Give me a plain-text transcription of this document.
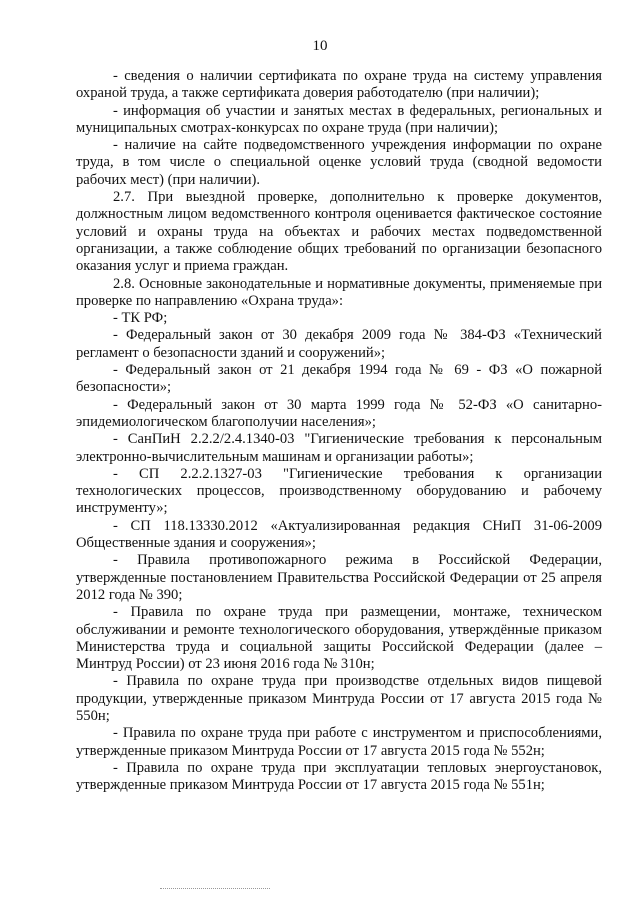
10

- сведения о наличии сертификата по охране труда на систему управления охраной труда, а также сертификата доверия работодателю (при наличии);

- информация об участии и занятых местах в федеральных, региональных и муниципальных смотрах-конкурсах по охране труда (при наличии);

- наличие на сайте подведомственного учреждения информации по охране труда, в том числе о специальной оценке условий труда (сводной ведомости рабочих мест) (при наличии).

2.7. При выездной проверке, дополнительно к проверке документов, должностным лицом ведомственного контроля оценивается фактическое состояние условий и охраны труда на объектах и рабочих местах подведомственной организации, а также соблюдение общих требований по организации безопасного оказания услуг и приема граждан.

2.8. Основные законодательные и нормативные документы, применяемые при проверке по направлению «Охрана труда»:

- ТК РФ;

- Федеральный закон от 30 декабря 2009 года № 384-ФЗ «Технический регламент о безопасности зданий и сооружений»;

- Федеральный закон от 21 декабря 1994 года № 69 - ФЗ «О пожарной безопасности»;

- Федеральный закон от 30 марта 1999 года № 52-ФЗ «О санитарно-эпидемиологическом благополучии населения»;

- СанПиН 2.2.2/2.4.1340-03 "Гигиенические требования к персональным электронно-вычислительным машинам и организации работы»;

- СП 2.2.2.1327-03 "Гигиенические требования к организации технологических процессов, производственному оборудованию и рабочему инструменту»;

- СП 118.13330.2012 «Актуализированная редакция СНиП 31-06-2009 Общественные здания и сооружения»;

- Правила противопожарного режима в Российской Федерации, утвержденные постановлением Правительства Российской Федерации от 25 апреля 2012 года № 390;

- Правила по охране труда при размещении, монтаже, техническом обслуживании и ремонте технологического оборудования, утверждённые приказом Министерства труда и социальной защиты Российской Федерации (далее – Минтруд России) от 23 июня 2016 года № 310н;

- Правила по охране труда при производстве отдельных видов пищевой продукции, утвержденные приказом Минтруда России от 17 августа 2015 года № 550н;

- Правила по охране труда при работе с инструментом и приспособлениями, утвержденные приказом Минтруда России от 17 августа 2015 года № 552н;

- Правила по охране труда при эксплуатации тепловых энергоустановок, утвержденные приказом Минтруда России от 17 августа 2015 года № 551н;
